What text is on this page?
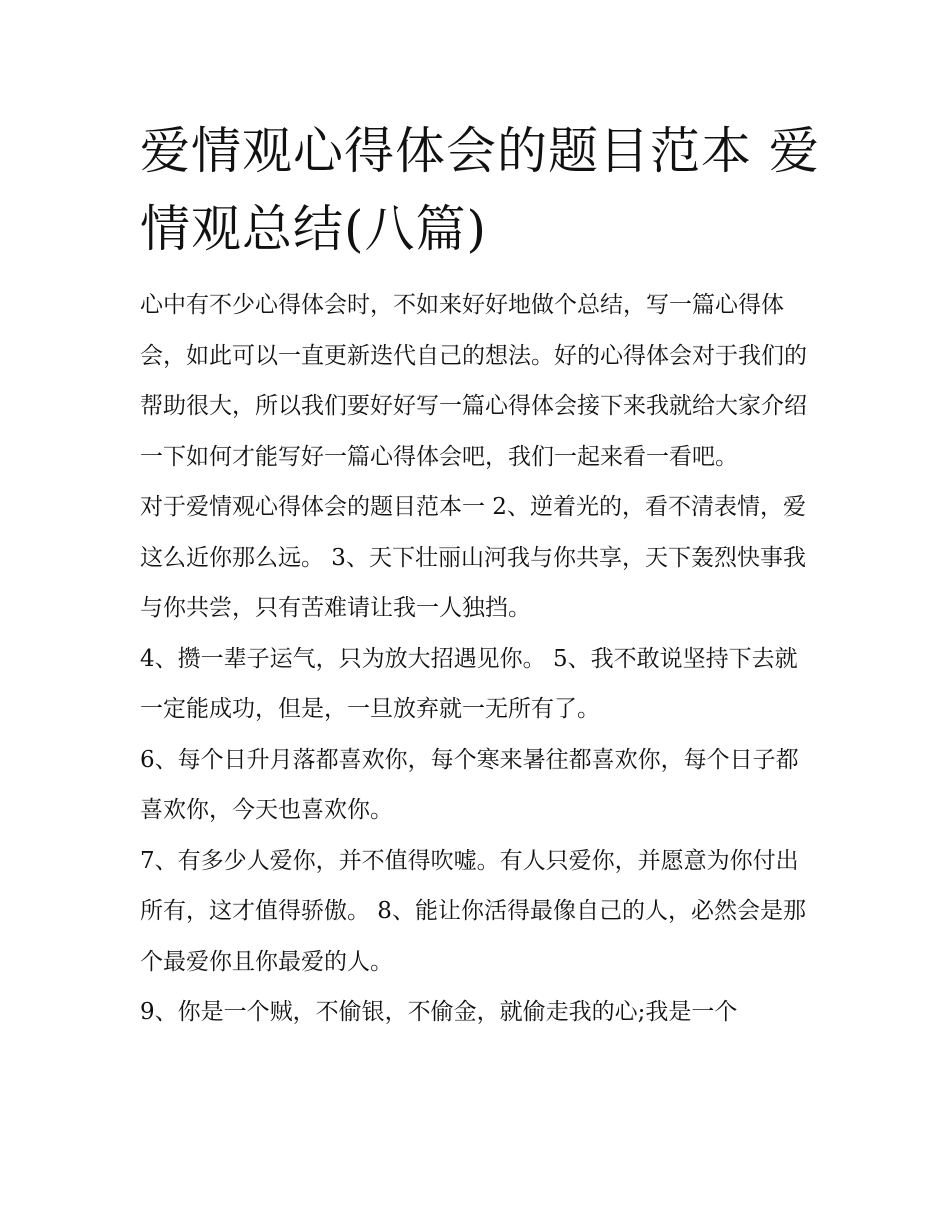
爱情观心得体会的题目范本 爱情观总结(八篇)

心中有不少心得体会时，不如来好好地做个总结，写一篇心得体会，如此可以一直更新迭代自己的想法。好的心得体会对于我们的帮助很大，所以我们要好好写一篇心得体会接下来我就给大家介绍一下如何才能写好一篇心得体会吧，我们一起来看一看吧。

对于爱情观心得体会的题目范本一 2、逆着光的，看不清表情，爱这么近你那么远。 3、天下壮丽山河我与你共享，天下轰烈快事我与你共尝，只有苦难请让我一人独挡。

4、攒一辈子运气，只为放大招遇见你。 5、我不敢说坚持下去就一定能成功，但是，一旦放弃就一无所有了。

6、每个日升月落都喜欢你，每个寒来暑往都喜欢你，每个日子都喜欢你，今天也喜欢你。

7、有多少人爱你，并不值得吹嘘。有人只爱你，并愿意为你付出所有，这才值得骄傲。 8、能让你活得最像自己的人，必然会是那个最爱你且你最爱的人。

9、你是一个贼，不偷银，不偷金，就偷走我的心;我是一个
